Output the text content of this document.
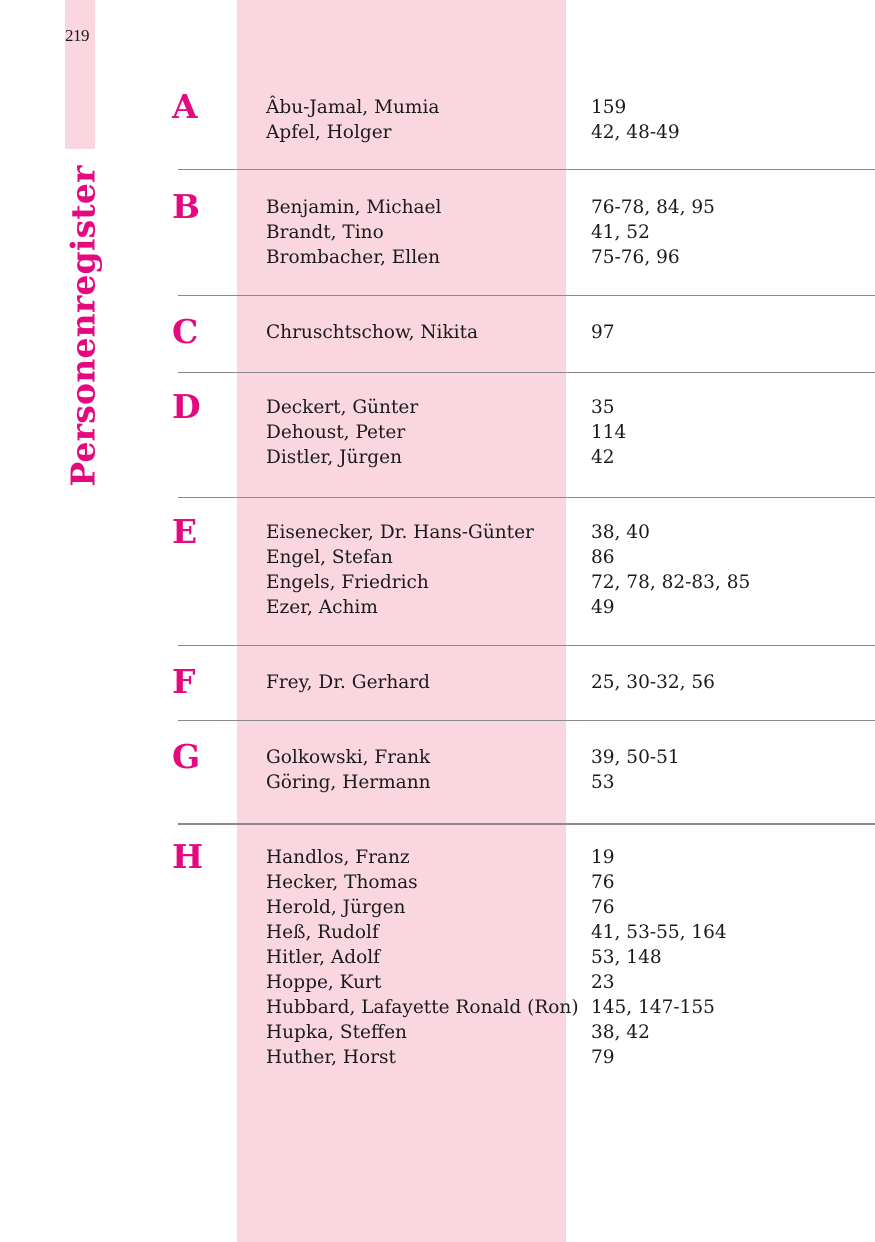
219
Personenregister
A	Âbu-Jamal, Mumia	159
Apfel, Holger	42, 48-49
B	Benjamin, Michael	76-78, 84, 95
Brandt, Tino	41, 52
Brombacher, Ellen	75-76, 96
C	Chruschtschow, Nikita	97
D	Deckert, Günter	35
Dehoust, Peter	114
Distler, Jürgen	42
E	Eisenecker, Dr. Hans-Günter	38, 40
Engel, Stefan	86
Engels, Friedrich	72, 78, 82-83, 85
Ezer, Achim	49
F	Frey, Dr. Gerhard	25, 30-32, 56
G	Golkowski, Frank	39, 50-51
Göring, Hermann	53
H	Handlos, Franz	19
Hecker, Thomas	76
Herold, Jürgen	76
Heß, Rudolf	41, 53-55, 164
Hitler, Adolf	53, 148
Hoppe, Kurt	23
Hubbard, Lafayette Ronald (Ron) 145, 147-155
Hupka, Steffen	38, 42
Huther, Horst	79
